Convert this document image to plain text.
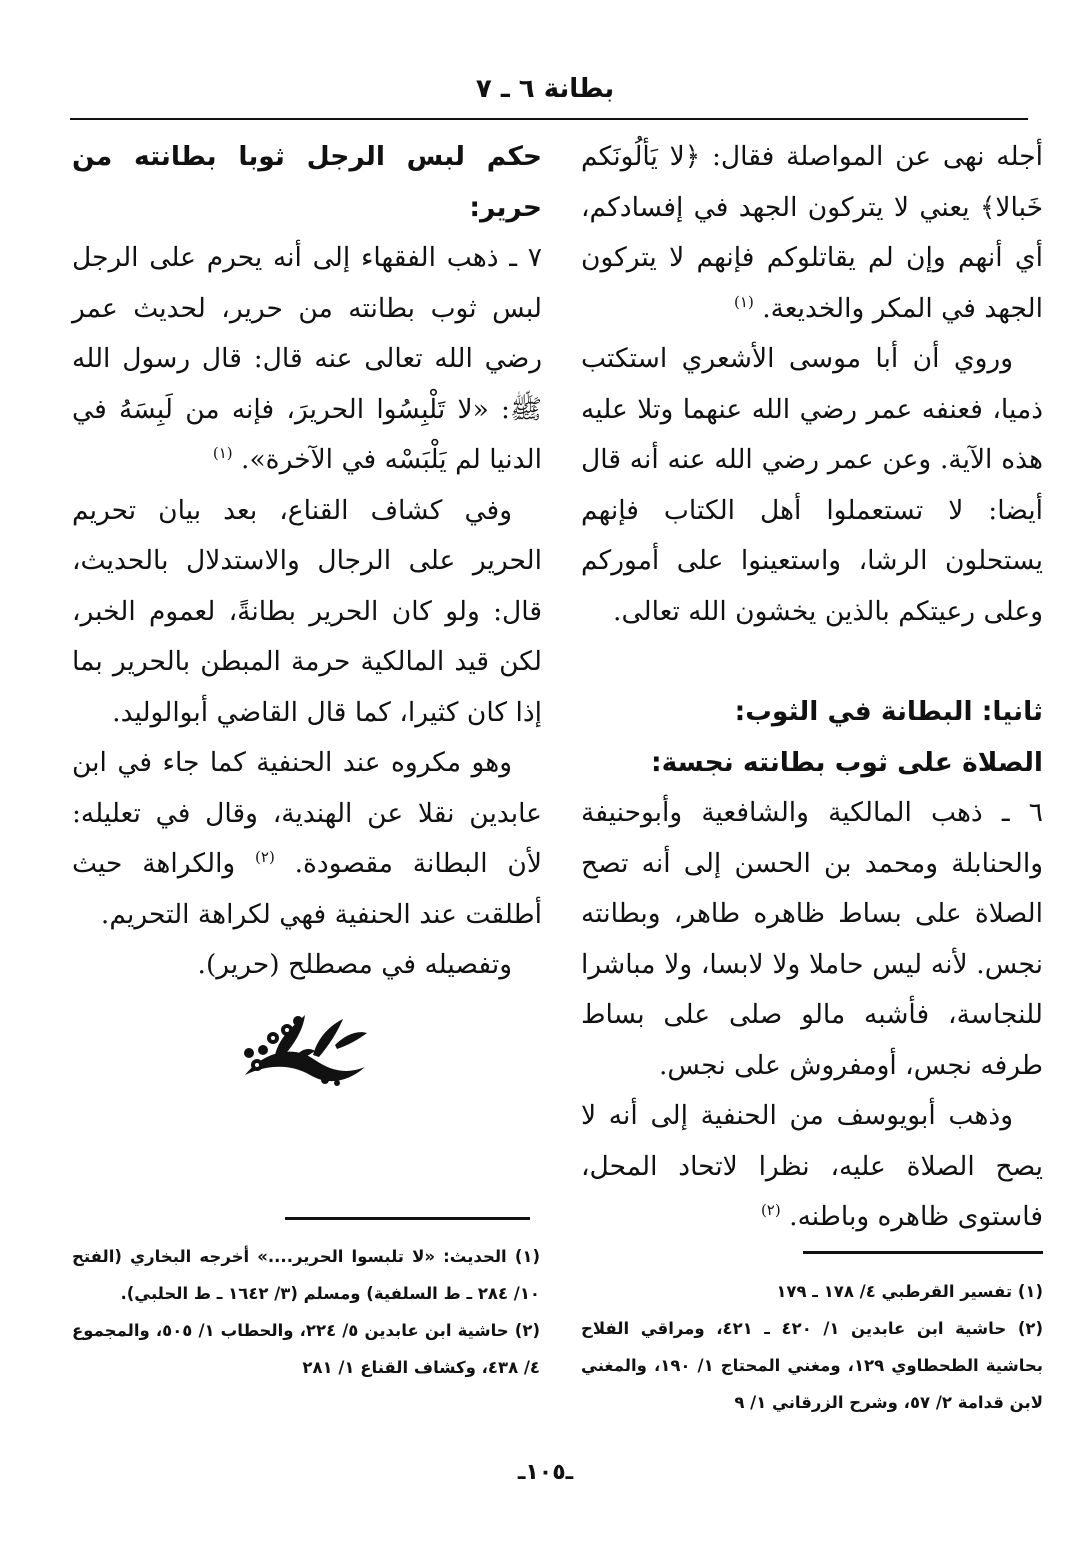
بطانة ٦ ـ ٧

أجله نهى عن المواصلة فقال: ﴿لا يَألُونَكم خَبالا﴾ يعني لا يتركون الجهد في إفسادكم، أي أنهم وإن لم يقاتلوكم فإنهم لا يتركون الجهد في المكر والخديعة. $^{(١)}$

وروي أن أبا موسى الأشعري استكتب ذميا، فعنفه عمر رضي الله عنهما وتلا عليه هذه الآية. وعن عمر رضي الله عنه أنه قال أيضا: لا تستعملوا أهل الكتاب فإنهم يستحلون الرشا، واستعينوا على أموركم وعلى رعيتكم بالذين يخشون الله تعالى.

ثانيا: البطانة في الثوب:

الصلاة على ثوب بطانته نجسة:

٦ ـ ذهب المالكية والشافعية وأبوحنيفة والحنابلة ومحمد بن الحسن إلى أنه تصح الصلاة على بساط ظاهره طاهر، وبطانته نجس. لأنه ليس حاملا ولا لابسا، ولا مباشرا للنجاسة، فأشبه مالو صلى على بساط طرفه نجس، أومفروش على نجس.

وذهب أبويوسف من الحنفية إلى أنه لا يصح الصلاة عليه، نظرا لاتحاد المحل، فاستوى ظاهره وباطنه. $^{(٢)}$

حكم لبس الرجل ثوبا بطانته من حرير:

٧ ـ ذهب الفقهاء إلى أنه يحرم على الرجل لبس ثوب بطانته من حرير، لحديث عمر رضي الله تعالى عنه قال: قال رسول الله ﷺ: «لا تَلْبِسُوا الحريرَ، فإنه من لَبِسَهُ في الدنيا لم يَلْبَسْه في الآخرة». $^{(١)}$

وفي كشاف القناع، بعد بيان تحريم الحرير على الرجال والاستدلال بالحديث، قال: ولو كان الحرير بطانةً، لعموم الخبر، لكن قيد المالكية حرمة المبطن بالحرير بما إذا كان كثيرا، كما قال القاضي أبوالوليد.

وهو مكروه عند الحنفية كما جاء في ابن عابدين نقلا عن الهندية، وقال في تعليله: لأن البطانة مقصودة. $^{(٢)}$ والكراهة حيث أطلقت عند الحنفية فهي لكراهة التحريم.

وتفصيله في مصطلح (حرير).

(١) تفسير القرطبي ٤/ ١٧٨ ـ ١٧٩
(٢) حاشية ابن عابدين ١/ ٤٢٠ ـ ٤٢١، ومراقي الفلاح بحاشية الطحطاوي ١٢٩، ومغني المحتاج ١/ ١٩٠، والمغني لابن قدامة ٢/ ٥٧، وشرح الزرقاني ١/ ٩
(١) الحديث: «لا تلبسوا الحرير....» أخرجه البخاري (الفتح ١٠/ ٢٨٤ ـ ط السلفية) ومسلم (٣/ ١٦٤٢ ـ ط الحلبي).
(٢) حاشية ابن عابدين ٥/ ٢٢٤، والحطاب ١/ ٥٠٥، والمجموع ٤/ ٤٣٨، وكشاف القناع ١/ ٢٨١
ـ١٠٥ـ
